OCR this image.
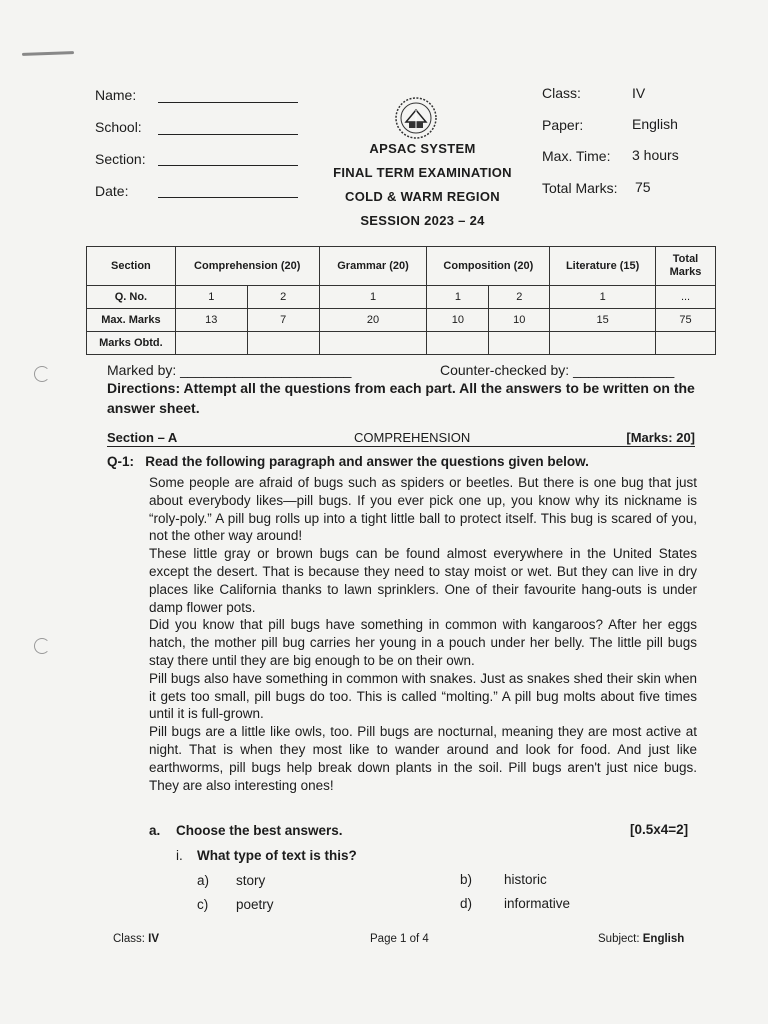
Name:
School:
Section:
Date:
APSAC SYSTEM
FINAL TERM EXAMINATION
COLD & WARM REGION
SESSION 2023 – 24
Class:	IV
Paper:	English
Max. Time: 3 hours
Total Marks: 75
Section	Comprehension (20)		Grammar (20)	Composition (20)		Literature (15)	Total Marks
Q. No.	1	2	1	1	2	1	...
Max. Marks	13	7	20	10	10	15	75
Marks Obtd.							
Marked by: ______________________	Counter-checked by: _____________
Directions: Attempt all the questions from each part. All the answers to be written on the answer sheet.
Section – A	COMPREHENSION	[Marks: 20]
Q-1: Read the following paragraph and answer the questions given below.

Some people are afraid of bugs such as spiders or beetles. But there is one bug that just about everybody likes—pill bugs. If you ever pick one up, you know why its nickname is “roly-poly.” A pill bug rolls up into a tight little ball to protect itself. This bug is scared of you, not the other way around!

These little gray or brown bugs can be found almost everywhere in the United States except the desert. That is because they need to stay moist or wet. But they can live in dry places like California thanks to lawn sprinklers. One of their favourite hang-outs is under damp flower pots.

Did you know that pill bugs have something in common with kangaroos? After her eggs hatch, the mother pill bug carries her young in a pouch under her belly. The little pill bugs stay there until they are big enough to be on their own.

Pill bugs also have something in common with snakes. Just as snakes shed their skin when it gets too small, pill bugs do too. This is called “molting.” A pill bug molts about five times until it is full-grown.

Pill bugs are a little like owls, too. Pill bugs are nocturnal, meaning they are most active at night. That is when they most like to wander around and look for food. And just like earthworms, pill bugs help break down plants in the soil. Pill bugs aren't just nice bugs. They are also interesting ones!

a. Choose the best answers.	[0.5x4=2]
i. What type of text is this?
a) story	b) historic
c) poetry	d) informative
Class: IV	Page 1 of 4	Subject: English
